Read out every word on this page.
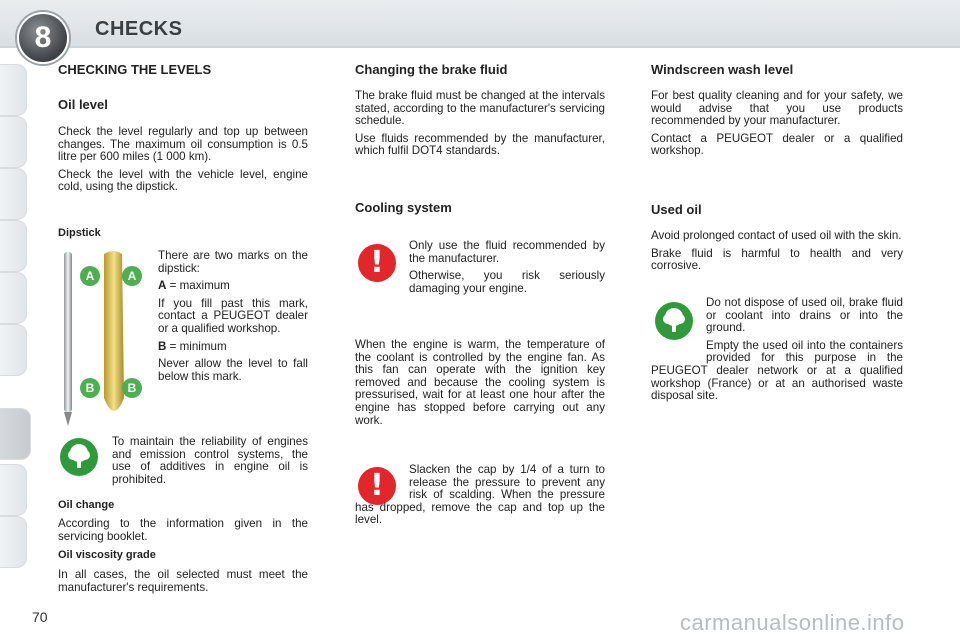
8	CHECKS
CHECKING THE LEVELS
Oil level

Check the level regularly and top up between changes. The maximum oil consumption is 0.5 litre per 600 miles (1 000 km).

Check the level with the vehicle level, engine cold, using the dipstick.

Dipstick
A	A
B	B

There are two marks on the dipstick:

A = maximum

If you fill past this mark, contact a PEUGEOT dealer or a qualified workshop.

B = minimum

Never allow the level to fall below this mark.

To maintain the reliability of engines and emission control systems, the use of additives in engine oil is prohibited.
Oil change
According to the information given in the servicing booklet.
Oil viscosity grade
In all cases, the oil selected must meet the manufacturer's requirements.
Changing the brake fluid

The brake fluid must be changed at the intervals stated, according to the manufacturer's servicing schedule.

Use fluids recommended by the manufacturer, which fulfil DOT4 standards.

Cooling system
!	Only use the fluid recommended by the manufacturer.

Otherwise, you risk seriously damaging your engine.

When the engine is warm, the temperature of the coolant is controlled by the engine fan. As this fan can operate with the ignition key removed and because the cooling system is pressurised, wait for at least one hour after the engine has stopped before carrying out any work.
!	Slacken the cap by 1/4 of a turn to release the pressure to prevent any risk of scalding. When the pressure has dropped, remove the cap and top up the level.
Windscreen wash level

For best quality cleaning and for your safety, we would advise that you use products recommended by your manufacturer.

Contact a PEUGEOT dealer or a qualified workshop.

Used oil

Avoid prolonged contact of used oil with the skin.

Brake fluid is harmful to health and very corrosive.

Do not dispose of used oil, brake fluid or coolant into drains or into the ground.

Empty the used oil into the containers provided for this purpose in the PEUGEOT dealer network or at a qualified workshop (France) or at an authorised waste disposal site.

70	carmanualsonline.info
